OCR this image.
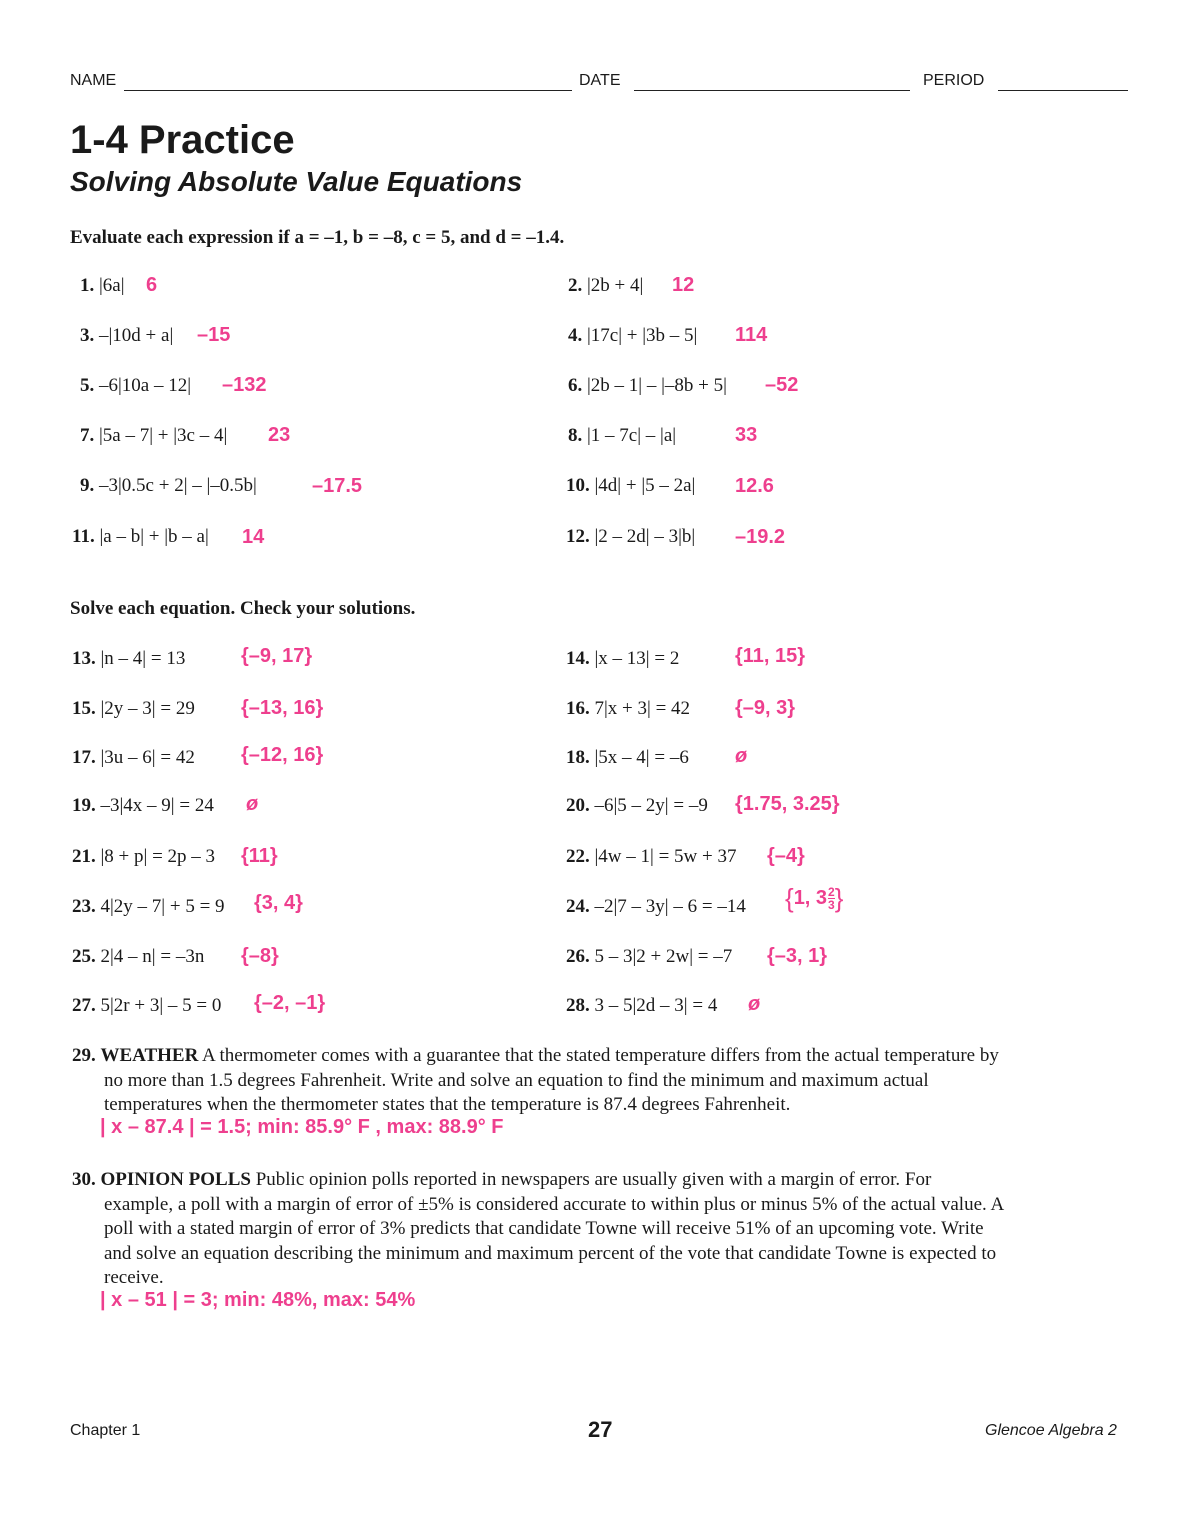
NAME	DATE	PERIOD
1-4 Practice
Solving Absolute Value Equations
Evaluate each expression if a = –1, b = –8, c = 5, and d = –1.4.
1. |6a| 6	2. |2b + 4| 12
3. –|10d + a| –15	4. |17c| + |3b – 5| 114
5. –6|10a – 12| –132	6. |2b – 1| – |–8b + 5| –52
7. |5a – 7| + |3c – 4| 23	8. |1 – 7c| – |a|	33
9. –3|0.5c + 2| – |–0.5b|	–17.5	10. |4d| + |5 – 2a| 12.6
11. |a – b| + |b – a| 14	12. |2 – 2d| – 3|b| –19.2
Solve each equation. Check your solutions.
13. |n – 4| = 13	{–9, 17}	14. |x – 13| = 2	{11, 15}
15. |2y – 3| = 29 {–13, 16}	16. 7|x + 3| = 42 {–9, 3}
17. |3u – 6| = 42 {–12, 16}	18. |5x – 4| = –6 ø
19. –3|4x – 9| = 24 ø	20. –6|5 – 2y| = –9 {1.75, 3.25}
21. |8 + p| = 2p – 3 {11}	22. |4w – 1| = 5w + 37 {–4}
23. 4|2y – 7| + 5 = 9 {3, 4}	24. –2|7 – 3y| – 6 = –14 {1, $3 \frac{2}{3}$ }
25. 2|4 – n| = –3n {–8}	26. 5 – 3|2 + 2w| = –7 {–3, 1}
27. 5|2r + 3| – 5 = 0 {–2, –1}	28. 3 – 5|2d – 3| = 4 ø
29. WEATHER A thermometer comes with a guarantee that the stated temperature differs from the actual temperature by
no more than 1.5 degrees Fahrenheit. Write and solve an equation to find the minimum and maximum actual
temperatures when the thermometer states that the temperature is 87.4 degrees Fahrenheit.
| x – 87.4 | = 1.5; min: 85.9° F , max: 88.9° F
30. OPINION POLLS Public opinion polls reported in newspapers are usually given with a margin of error. For
example, a poll with a margin of error of ±5% is considered accurate to within plus or minus 5% of the actual value. A
poll with a stated margin of error of 3% predicts that candidate Towne will receive 51% of an upcoming vote. Write
and solve an equation describing the minimum and maximum percent of the vote that candidate Towne is expected to
receive.
| x – 51 | = 3; min: 48%, max: 54%
Chapter 1	27	Glencoe Algebra 2
